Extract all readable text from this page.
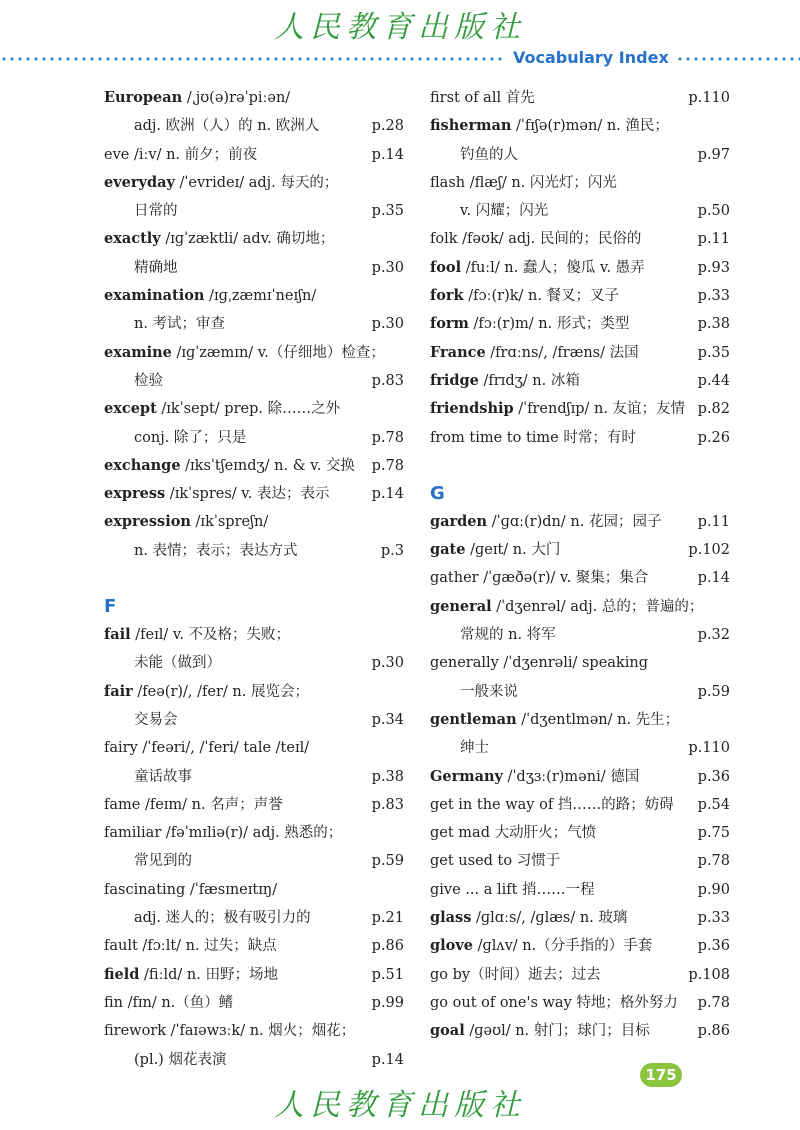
人民教育出版社
Vocabulary Index
European /ˌjʊ(ə)rəˈpiːən/
adj. 欧洲（人）的 n. 欧洲人	p.28
eve /iːv/ n. 前夕；前夜	p.14
everyday /ˈevrideɪ/ adj. 每天的；
日常的	p.35
exactly /ɪɡˈzæktli/ adv. 确切地；
精确地	p.30
examination /ɪɡˌzæmɪˈneɪʃn/
n. 考试；审查	p.30
examine /ɪɡˈzæmɪn/ v.（仔细地）检查；
检验	p.83
except /ɪkˈsept/ prep. 除……之外
conj. 除了；只是	p.78
exchange /ɪksˈtʃeɪndʒ/ n. & v. 交换 p.78
express /ɪkˈspres/ v. 表达；表示	p.14
expression /ɪkˈspreʃn/
n. 表情；表示；表达方式	p.3
F
fail /feɪl/ v. 不及格；失败；
未能（做到）	p.30
fair /feə(r)/, /fer/ n. 展览会；
交易会	p.34
fairy /ˈfeəri/, /ˈferi/ tale /teɪl/
童话故事	p.38
fame /feɪm/ n. 名声；声誉	p.83
familiar /fəˈmɪliə(r)/ adj. 熟悉的；
常见到的	p.59
fascinating /ˈfæsɪneɪtɪŋ/
adj. 迷人的；极有吸引力的	p.21
fault /fɔːlt/ n. 过失；缺点	p.86
field /fiːld/ n. 田野；场地	p.51
fin /fɪn/ n.（鱼）鳍	p.99
firework /ˈfaɪəwɜːk/ n. 烟火；烟花；
(pl.) 烟花表演	p.14
first of all 首先	p.110
fisherman /ˈfɪʃə(r)mən/ n. 渔民；
钓鱼的人	p.97
flash /flæʃ/ n. 闪光灯；闪光
v. 闪耀；闪光	p.50
folk /fəʊk/ adj. 民间的；民俗的	p.11
fool /fuːl/ n. 蠢人；傻瓜 v. 愚弄	p.93
fork /fɔː(r)k/ n. 餐叉；叉子	p.33
form /fɔː(r)m/ n. 形式；类型	p.38
France /frɑːns/, /fræns/ 法国	p.35
fridge /frɪdʒ/ n. 冰箱	p.44
friendship /ˈfrendʃɪp/ n. 友谊；友情 p.82
from time to time 时常；有时	p.26
G
garden /ˈɡɑː(r)dn/ n. 花园；园子 p.11
gate /ɡeɪt/ n. 大门	p.102
gather /ˈɡæðə(r)/ v. 聚集；集合	p.14
general /ˈdʒenrəl/ adj. 总的；普遍的；
常规的 n. 将军	p.32
generally /ˈdʒenrəli/ speaking
一般来说	p.59
gentleman /ˈdʒentlmən/ n. 先生；
绅士	p.110
Germany /ˈdʒɜː(r)məni/ 德国	p.36
get in the way of 挡……的路；妨碍 p.54
get mad 大动肝火；气愤	p.75
get used to 习惯于	p.78
give ... a lift 捎……一程	p.90
glass /ɡlɑːs/, /ɡlæs/ n. 玻璃	p.33
glove /ɡlʌv/ n.（分手指的）手套	p.36
go by（时间）逝去；过去	p.108
go out of one's way 特地；格外努力 p.78
goal /ɡəʊl/ n. 射门；球门；目标	p.86
175
人民教育出版社
